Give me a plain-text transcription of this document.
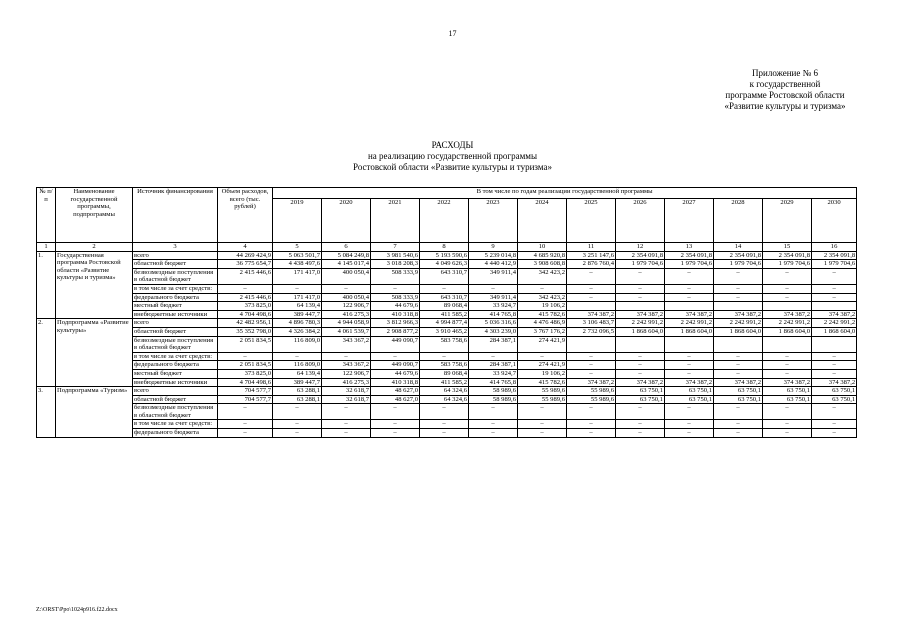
17
Приложение № 6
к государственной
программе Ростовской области
«Развитие культуры и туризма»
РАСХОДЫ
на реализацию государственной программы
Ростовской области «Развитие культуры и туризма»
№ п/п	Наименование государственной программы, подпрограммы	Источник финансирования	Объем расходов, всего (тыс. рублей)	В том числе по годам реализации государственной программы											
				2019	2020	2021	2022	2023	2024	2025	2026	2027	2028	2029	2030
1	2	3	4	5	6	7	8	9	10	11	12	13	14	15	16
1.	Государственная программа Ростовской области «Развитие культуры и туризма»	всего	44 269 424,9	5 063 501,7	5 084 249,8	3 981 540,6	5 193 590,6	5 239 014,8	4 685 920,8	3 251 147,6	2 354 091,8	2 354 091,8	2 354 091,8	2 354 091,8	2 354 091,8
		областной бюджет	36 775 654,7	4 438 497,6	4 145 017,4	3 018 208,3	4 049 626,3	4 440 412,9	3 908 608,8	2 876 760,4	1 979 704,6	1 979 704,6	1 979 704,6	1 979 704,6	1 979 704,6
		безвозмездные поступления в областной бюджет	2 415 446,6	171 417,0	400 050,4	508 333,9	643 310,7	349 911,4	342 423,2	–	–	–	–	–	–
		в том числе за счет средств:	–	–	–	–	–	–	–	–	–	–	–	–	–
		федерального бюджета	2 415 446,6	171 417,0	400 050,4	508 333,9	643 310,7	349 911,4	342 423,2	–	–	–	–	–	–
		местный бюджет	373 825,0	64 139,4	122 906,7	44 679,6	89 068,4	33 924,7	19 106,2						
		внебюджетные источники	4 704 498,6	389 447,7	416 275,3	410 318,8	411 585,2	414 765,8	415 782,6	374 387,2	374 387,2	374 387,2	374 387,2	374 387,2	374 387,2
2.	Подпрограмма «Развитие культуры»	всего	42 482 956,1	4 896 780,3	4 944 058,9	3 812 966,3	4 994 877,4	5 036 316,6	4 476 486,9	3 106 483,7	2 242 991,2	2 242 991,2	2 242 991,2	2 242 991,2	2 242 991,2
		областной бюджет	35 352 798,0	4 326 384,2	4 061 539,7	2 908 877,2	3 910 465,2	4 303 239,0	3 767 176,2	2 732 096,5	1 868 604,0	1 868 604,0	1 868 604,0	1 868 604,0	1 868 604,0
		безвозмездные поступления в областной бюджет	2 051 834,5	116 809,0	343 367,2	449 090,7	583 758,6	284 387,1	274 421,9						
		в том числе за счет средств:	–	–	–	–	–	–	–	–	–	–	–	–	–
		федерального бюджета	2 051 834,5	116 809,0	343 367,2	449 090,7	583 758,6	284 387,1	274 421,9	–	–	–	–	–	–
		местный бюджет	373 825,0	64 139,4	122 906,7	44 679,6	89 068,4	33 924,7	19 106,2	–	–	–	–	–	–
		внебюджетные источники	4 704 498,6	389 447,7	416 275,3	410 318,8	411 585,2	414 765,8	415 782,6	374 387,2	374 387,2	374 387,2	374 387,2	374 387,2	374 387,2
3.	Подпрограмма «Туризм»	всего	704 577,7	63 288,1	32 618,7	48 627,0	64 324,6	58 989,6	55 989,6	55 989,6	63 750,1	63 750,1	63 750,1	63 750,1	63 750,1
		областной бюджет	704 577,7	63 288,1	32 618,7	48 627,0	64 324,6	58 989,6	55 989,6	55 989,6	63 750,1	63 750,1	63 750,1	63 750,1	63 750,1
		безвозмездные поступления в областной бюджет	–	–	–	–	–	–	–	–	–	–	–	–	–
		в том числе за счет средств:	–	–	–	–	–	–	–	–	–	–	–	–	–
		федерального бюджета	–	–	–	–	–	–	–	–	–	–	–	–	–
Z:\ORST\Ppo\1024p916.f22.docx
